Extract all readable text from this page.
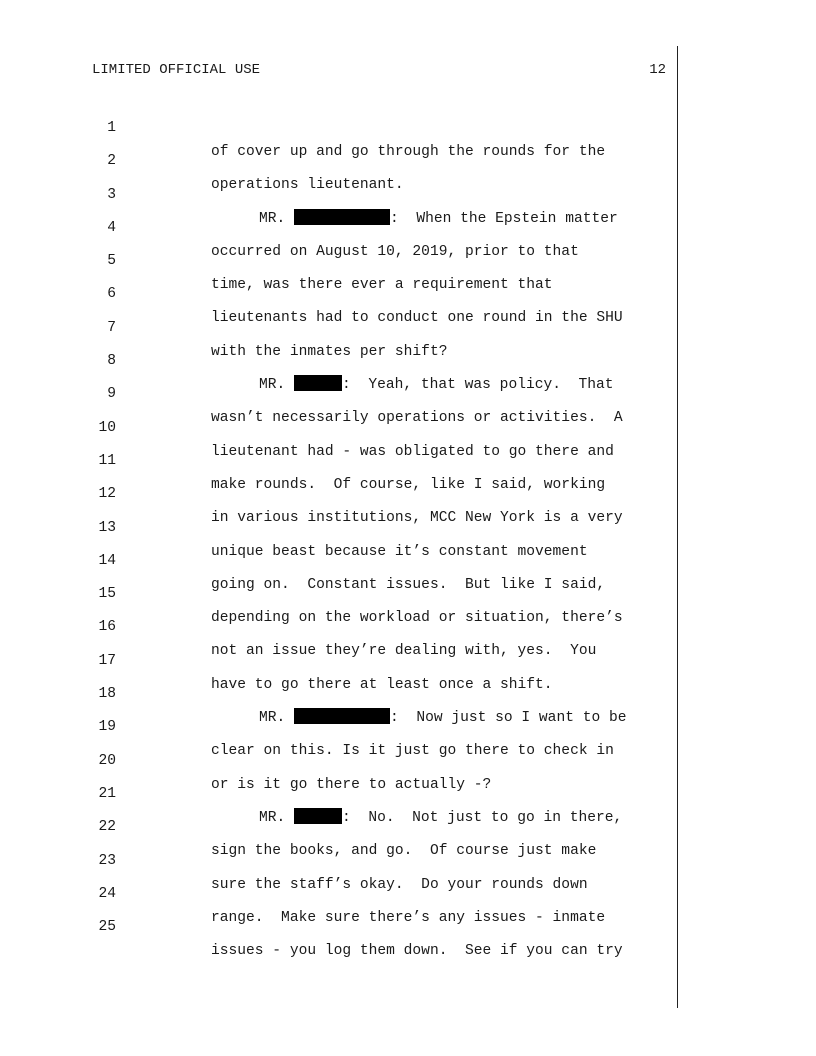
LIMITED OFFICIAL USE	12

1

of cover up and go through the rounds for the

2

operations lieutenant.

3

MR.	:  When the Epstein matter

4

occurred on August 10, 2019, prior to that

5

time, was there ever a requirement that

6

lieutenants had to conduct one round in the SHU

7

with the inmates per shift?

8

MR.	:  Yeah, that was policy.  That

9

wasn’t necessarily operations or activities.  A

10

lieutenant had - was obligated to go there and

11

make rounds.  Of course, like I said, working

12

in various institutions, MCC New York is a very

13

unique beast because it’s constant movement

14

going on.  Constant issues.  But like I said,

15

depending on the workload or situation, there’s

16

not an issue they’re dealing with, yes.  You

17

have to go there at least once a shift.

18

MR.	:  Now just so I want to be

19

clear on this. Is it just go there to check in

20

or is it go there to actually -?

21

MR.	:  No.  Not just to go in there,

22

sign the books, and go.  Of course just make

23

sure the staff’s okay.  Do your rounds down

24

range.  Make sure there’s any issues - inmate

25

issues - you log them down.  See if you can try
